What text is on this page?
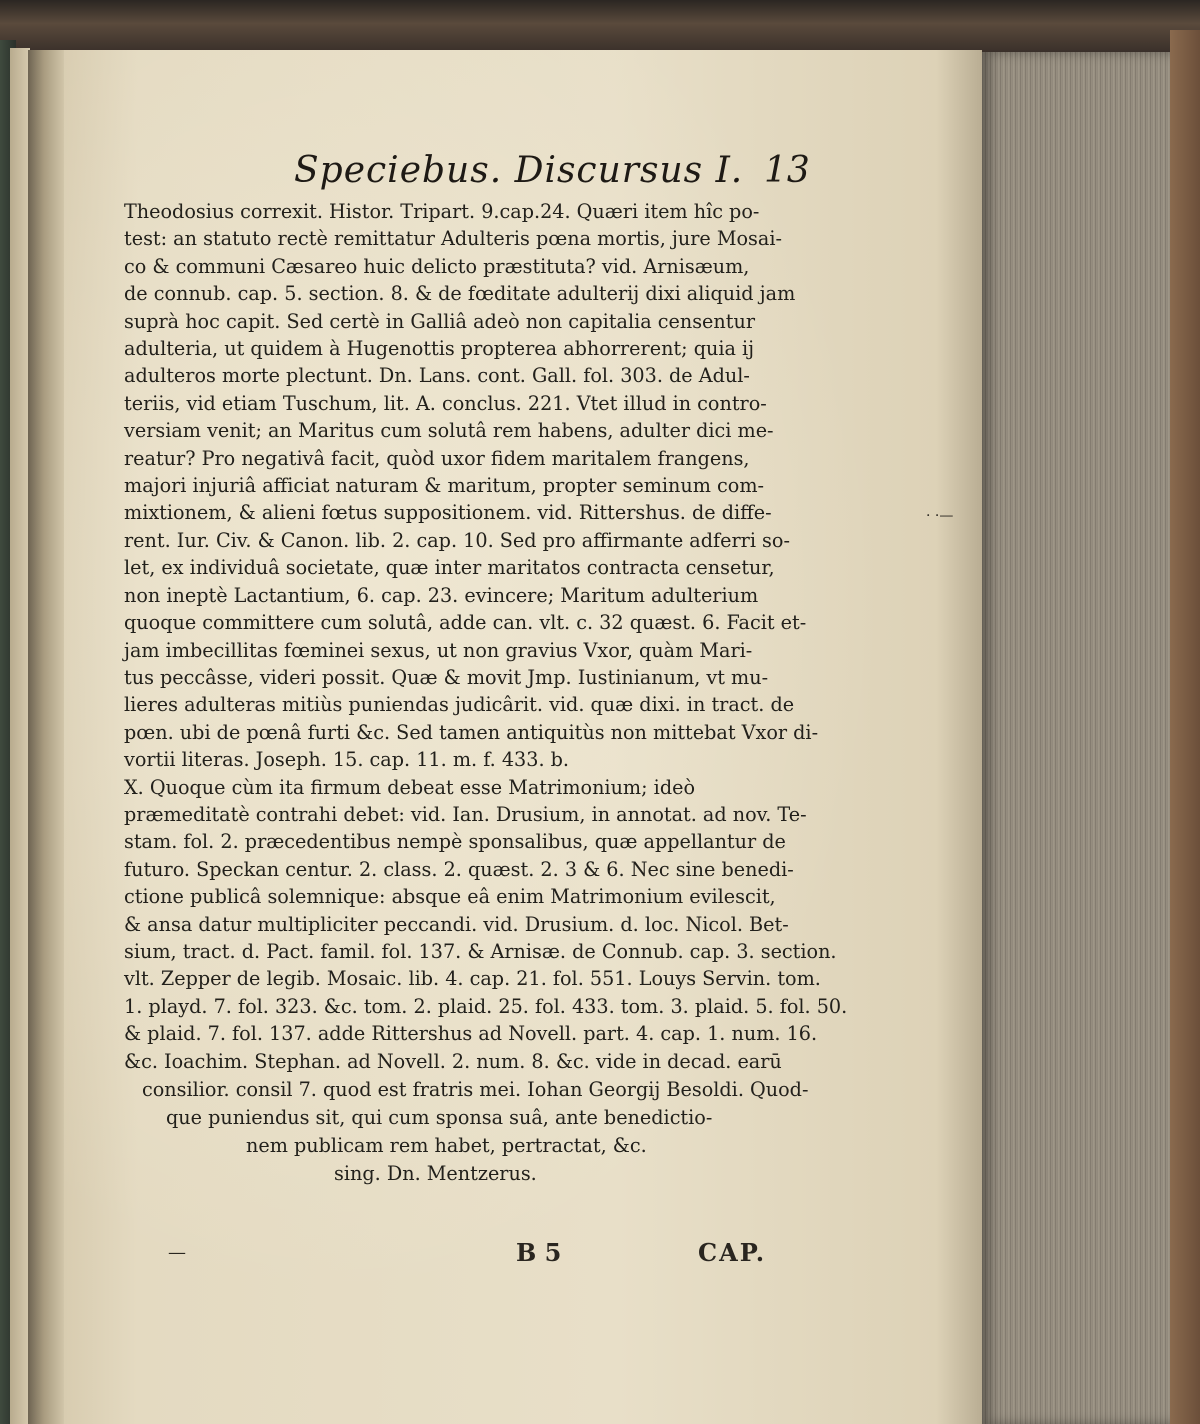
Speciebus. Discursus I. 13
Theodosius correxit. Histor. Tripart. 9.cap.24. Quæri item hîc po-
test: an statuto rectè remittatur Adulteris pœna mortis, jure Mosai-
co & communi Cæsareo huic delicto præstituta? vid. Arnisæum,
de connub. cap. 5. section. 8. & de fœditate adulterij dixi aliquid jam
suprà hoc capit. Sed certè in Galliâ adeò non capitalia censentur
adulteria, ut quidem à Hugenottis propterea abhorrerent; quia ij
adulteros morte plectunt. Dn. Lans. cont. Gall. fol. 303. de Adul-
teriis, vid etiam Tuschum, lit. A. conclus. 221. Vtet illud in contro-
versiam venit; an Maritus cum solutâ rem habens, adulter dici me-
reatur? Pro negativâ facit, quòd uxor fidem maritalem frangens,
majori injuriâ afficiat naturam & maritum, propter seminum com-
mixtionem, & alieni fœtus suppositionem. vid. Rittershus. de diffe-
rent. Iur. Civ. & Canon. lib. 2. cap. 10. Sed pro affirmante adferri so-
let, ex individuâ societate, quæ inter maritatos contracta censetur,
non ineptè Lactantium, 6. cap. 23. evincere; Maritum adulterium
quoque committere cum solutâ, adde can. vlt. c. 32 quæst. 6. Facit et-
jam imbecillitas fœminei sexus, ut non gravius Vxor, quàm Mari-
tus peccâsse, videri possit. Quæ & movit Jmp. Iustinianum, vt mu-
lieres adulteras mitiùs puniendas judicârit. vid. quæ dixi. in tract. de
pœn. ubi de pœnâ furti &c. Sed tamen antiquitùs non mittebat Vxor di-
vortii literas. Joseph. 15. cap. 11. m. f. 433. b.
X. Quoque cùm ita firmum debeat esse Matrimonium; ideò
præmeditatè contrahi debet: vid. Ian. Drusium, in annotat. ad nov. Te-
stam. fol. 2. præcedentibus nempè sponsalibus, quæ appellantur de
futuro. Speckan centur. 2. class. 2. quæst. 2. 3 & 6. Nec sine benedi-
ctione publicâ solemnique: absque eâ enim Matrimonium evilescit,
& ansa datur multipliciter peccandi. vid. Drusium. d. loc. Nicol. Bet-
sium, tract. d. Pact. famil. fol. 137. & Arnisæ. de Connub. cap. 3. section.
vlt. Zepper de legib. Mosaic. lib. 4. cap. 21. fol. 551. Louys Servin. tom.
1. playd. 7. fol. 323. &c. tom. 2. plaid. 25. fol. 433. tom. 3. plaid. 5. fol. 50.
& plaid. 7. fol. 137. adde Rittershus ad Novell. part. 4. cap. 1. num. 16.
&c. Ioachim. Stephan. ad Novell. 2. num. 8. &c. vide in decad. earū
consilior. consil 7. quod est fratris mei. Iohan Georgij Besoldi. Quod-
que puniendus sit, qui cum sponsa suâ, ante benedictio-
nem publicam rem habet, pertractat, &c.
sing. Dn. Mentzerus.
B 5	CAP.
—
· ·—
